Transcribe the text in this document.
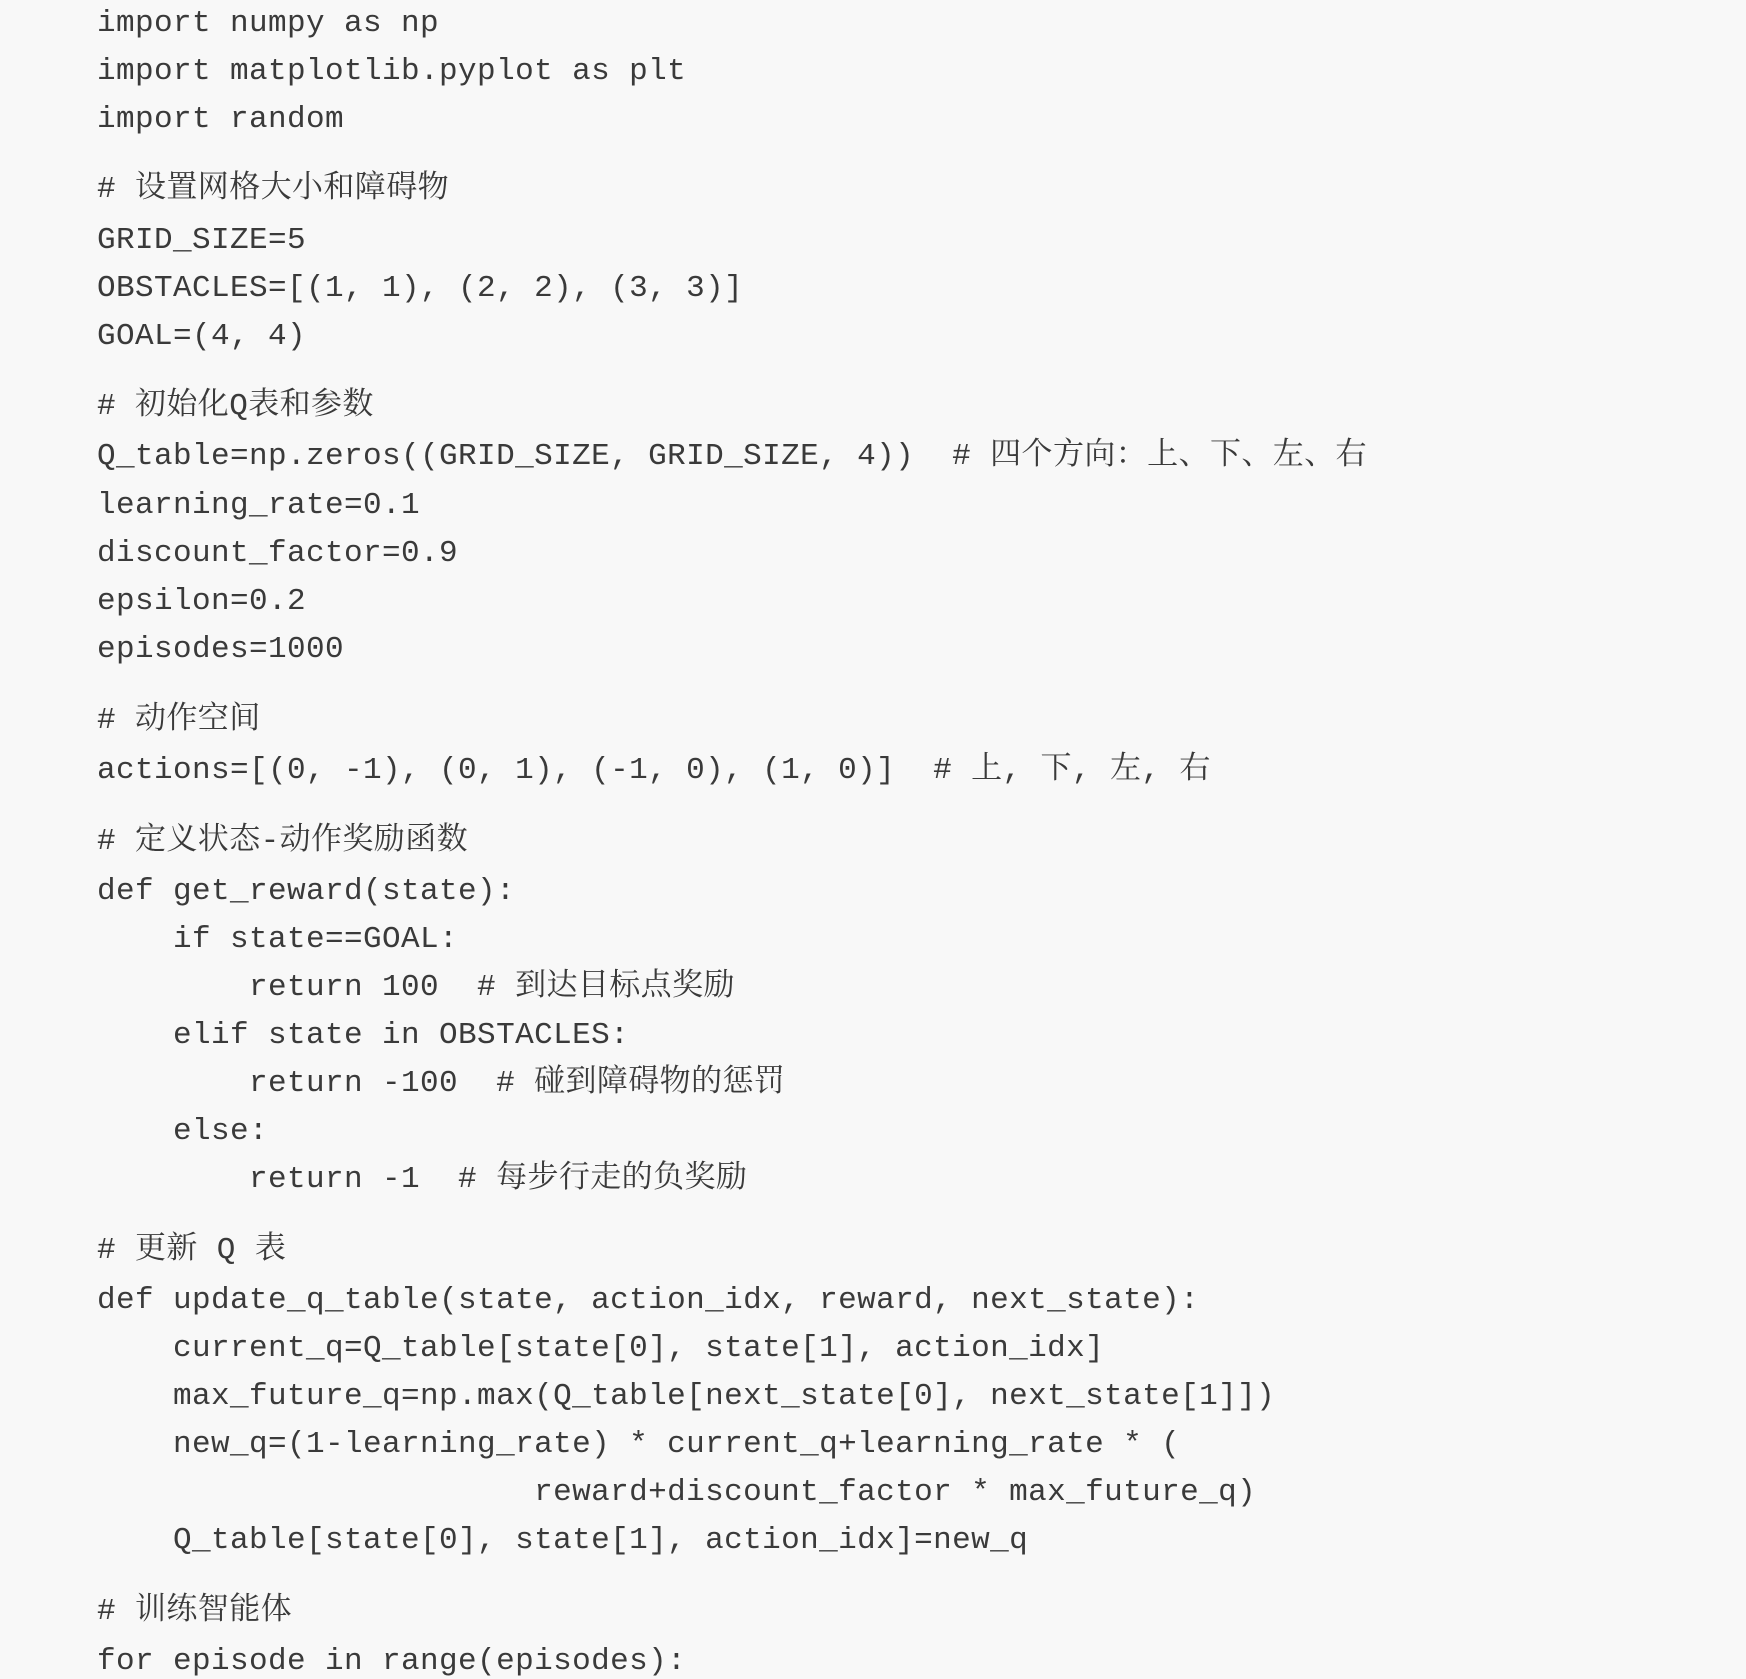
import numpy as np
import matplotlib.pyplot as plt
import random
# 设置网格大小和障碍物
GRID_SIZE=5
OBSTACLES=[(1, 1), (2, 2), (3, 3)]
GOAL=(4, 4)
# 初始化Q表和参数
Q_table=np.zeros((GRID_SIZE, GRID_SIZE, 4))  # 四个方向：上、下、左、右
learning_rate=0.1
discount_factor=0.9
epsilon=0.2
episodes=1000
# 动作空间
actions=[(0, -1), (0, 1), (-1, 0), (1, 0)]  # 上, 下, 左, 右
# 定义状态-动作奖励函数
def get_reward(state):
if state==GOAL:
return 100  # 到达目标点奖励
elif state in OBSTACLES:
return -100  # 碰到障碍物的惩罚
else:
return -1  # 每步行走的负奖励
# 更新 Q 表
def update_q_table(state, action_idx, reward, next_state):
current_q=Q_table[state[0], state[1], action_idx]
max_future_q=np.max(Q_table[next_state[0], next_state[1]])
new_q=(1-learning_rate) * current_q+learning_rate * (
reward+discount_factor * max_future_q)
Q_table[state[0], state[1], action_idx]=new_q
# 训练智能体
for episode in range(episodes):
